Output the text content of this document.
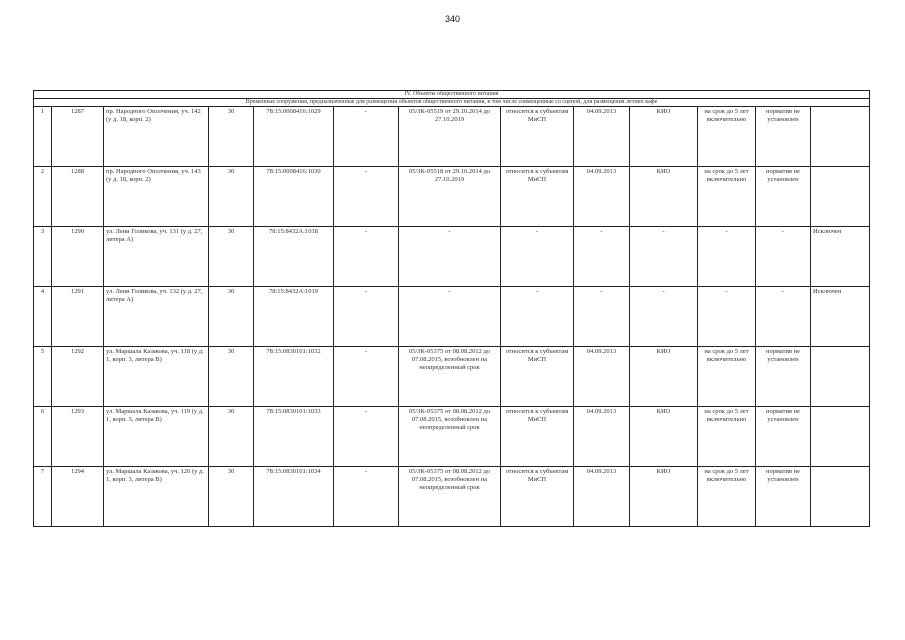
340
IV. Объекты общественного питания												
Временные сооружения, предназначенные для размещения объектов общественного питания, в том числе совмещенные со сценой, для размещения летних кафе												
1	1287	пр. Народного Ополчения, уч. 142 (у д. 18, корп. 2)	30	78:15:0008416:1029	-	05/ЗК-05519 от 29.10.2014 до 27.10.2019	относится к субъектам МиСП	04.09.2013	КИО	на срок до 5 лет включительно	норматив не установлен	
2	1288	пр. Народного Ополчения, уч. 143 (у д. 18, корп. 2)	30	78:15:0008416:1030	-	05/ЗК-05518 от 29.10.2014 до 27.10.2019	относится к субъектам МиСП	04.09.2013	КИО	на срок до 5 лет включительно	норматив не установлен	
3	1290	ул. Лени Голикова, уч. 131 (у д. 27, литера А)	30	78:15:8432А:1018	-	-	-	-	-	-	-	Исключен
4	1291	ул. Лени Голикова, уч. 132 (у д. 27, литера А)	30	78:15:8432А:1019	-	-	-	-	-	-	-	Исключен
5	1292	ул. Маршала Казакова, уч. 118 (у д. 1, корп. 3, литера В)	30	78:15:0830101:1032	-	05/ЗК-05375 от 08.08.2012 до 07.08.2015, возобновлен на неопределенный срок	относится к субъектам МиСП	04.09.2013	КИО	на срок до 5 лет включительно	норматив не установлен	
6	1293	ул. Маршала Казакова, уч. 119 (у д. 1, корп. 3, литера В)	30	78:15:0830101:1033	-	05/ЗК-05375 от 08.08.2012 до 07.08.2015, возобновлен на неопределенный срок	относится к субъектам МиСП	04.09.2013	КИО	на срок до 5 лет включительно	норматив не установлен	
7	1294	ул. Маршала Казакова, уч. 120 (у д. 1, корп. 3, литера В)	30	78:15:0830101:1034	-	05/ЗК-05375 от 08.08.2012 до 07.08.2015, возобновлен на неопределенный срок	относится к субъектам МиСП	04.09.2013	КИО	на срок до 5 лет включительно	норматив не установлен	
